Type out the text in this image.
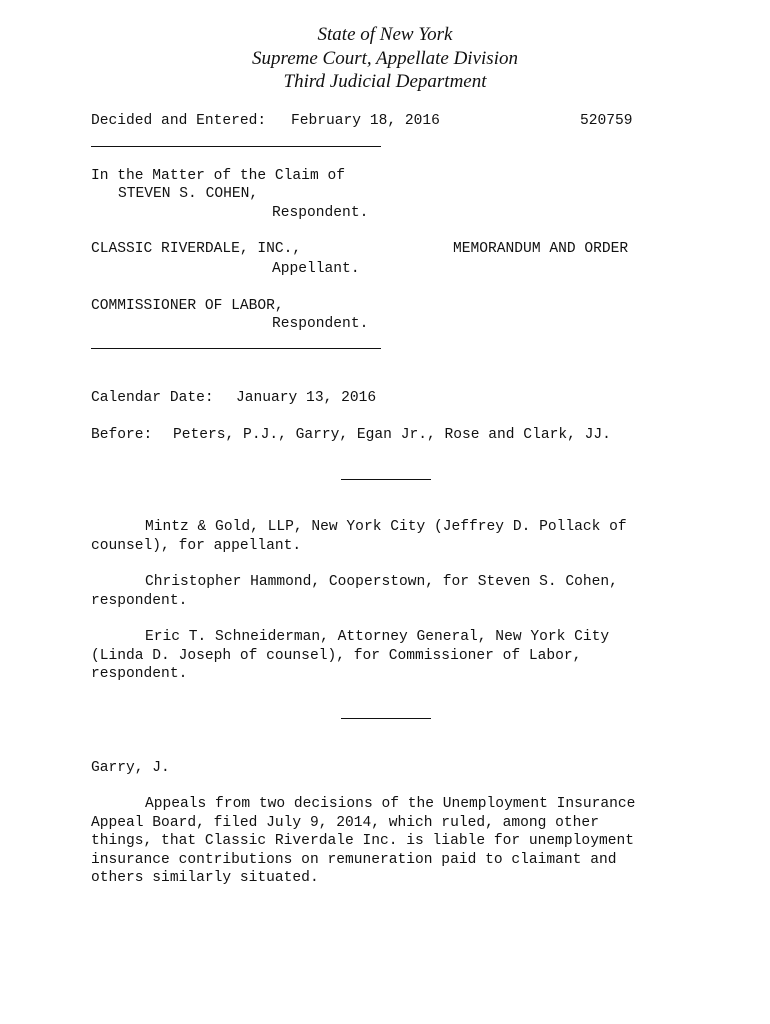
State of New York
Supreme Court, Appellate Division
Third Judicial Department
Decided and Entered: February 18, 2016	520759
In the Matter of the Claim of
STEVEN S. COHEN,
Respondent.
CLASSIC RIVERDALE, INC.,	MEMORANDUM AND ORDER
Appellant.
COMMISSIONER OF LABOR,
Respondent.
Calendar Date: January 13, 2016
Before: Peters, P.J., Garry, Egan Jr., Rose and Clark, JJ.
Mintz & Gold, LLP, New York City (Jeffrey D. Pollack of
counsel), for appellant.
Christopher Hammond, Cooperstown, for Steven S. Cohen,
respondent.
Eric T. Schneiderman, Attorney General, New York City
(Linda D. Joseph of counsel), for Commissioner of Labor,
respondent.
Garry, J.
Appeals from two decisions of the Unemployment Insurance
Appeal Board, filed July 9, 2014, which ruled, among other
things, that Classic Riverdale Inc. is liable for unemployment
insurance contributions on remuneration paid to claimant and
others similarly situated.
